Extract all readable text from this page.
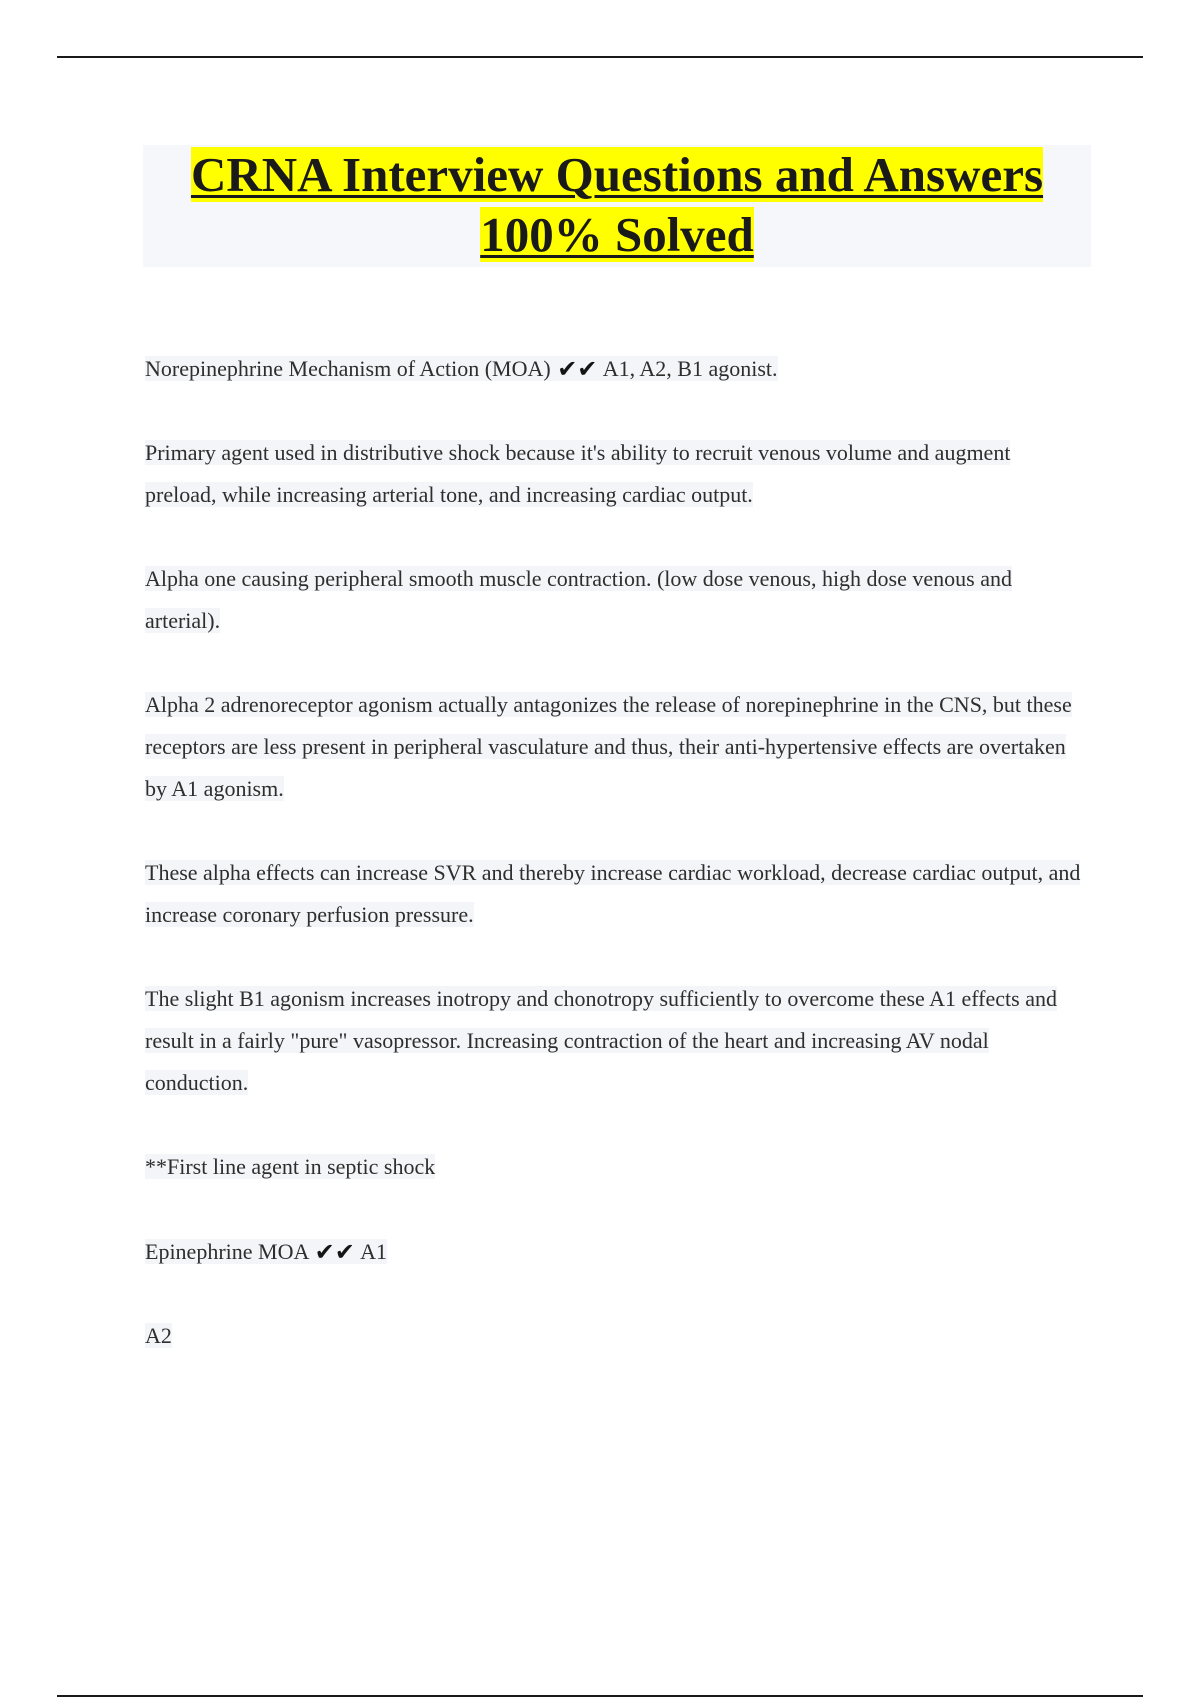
CRNA Interview Questions and Answers
100% Solved

Norepinephrine Mechanism of Action (MOA) ✔✔ A1, A2, B1 agonist.

Primary agent used in distributive shock because it's ability to recruit venous volume and augment preload, while increasing arterial tone, and increasing cardiac output.

Alpha one causing peripheral smooth muscle contraction. (low dose venous, high dose venous and arterial).

Alpha 2 adrenoreceptor agonism actually antagonizes the release of norepinephrine in the CNS, but these receptors are less present in peripheral vasculature and thus, their anti-hypertensive effects are overtaken by A1 agonism.

These alpha effects can increase SVR and thereby increase cardiac workload, decrease cardiac output, and increase coronary perfusion pressure.

The slight B1 agonism increases inotropy and chonotropy sufficiently to overcome these A1 effects and result in a fairly "pure" vasopressor. Increasing contraction of the heart and increasing AV nodal conduction.

**First line agent in septic shock

Epinephrine MOA ✔✔ A1

A2
